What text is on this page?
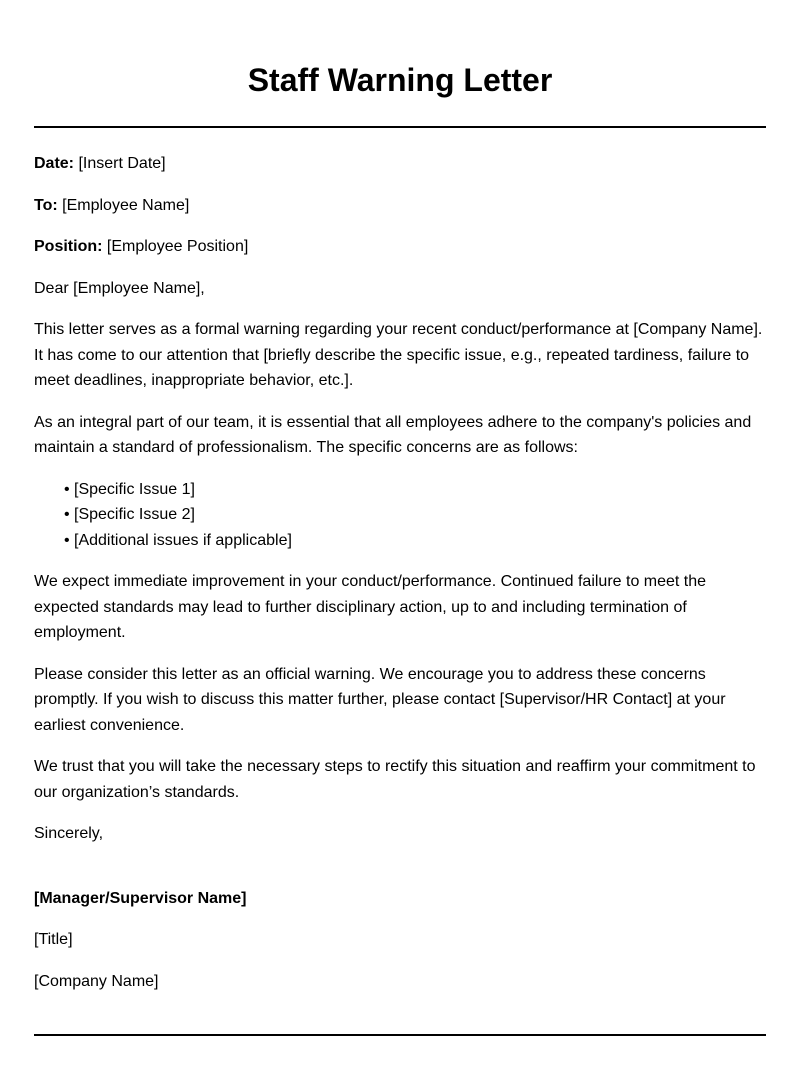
Staff Warning Letter

Date: [Insert Date]

To: [Employee Name]

Position: [Employee Position]

Dear [Employee Name],

This letter serves as a formal warning regarding your recent conduct/performance at [Company Name]. It has come to our attention that [briefly describe the specific issue, e.g., repeated tardiness, failure to meet deadlines, inappropriate behavior, etc.].

As an integral part of our team, it is essential that all employees adhere to the company's policies and maintain a standard of professionalism. The specific concerns are as follows:

• [Specific Issue 1]
• [Specific Issue 2]
• [Additional issues if applicable]

We expect immediate improvement in your conduct/performance. Continued failure to meet the expected standards may lead to further disciplinary action, up to and including termination of employment.

Please consider this letter as an official warning. We encourage you to address these concerns promptly. If you wish to discuss this matter further, please contact [Supervisor/HR Contact] at your earliest convenience.

We trust that you will take the necessary steps to rectify this situation and reaffirm your commitment to our organization’s standards.

Sincerely,

[Manager/Supervisor Name]

[Title]

[Company Name]
